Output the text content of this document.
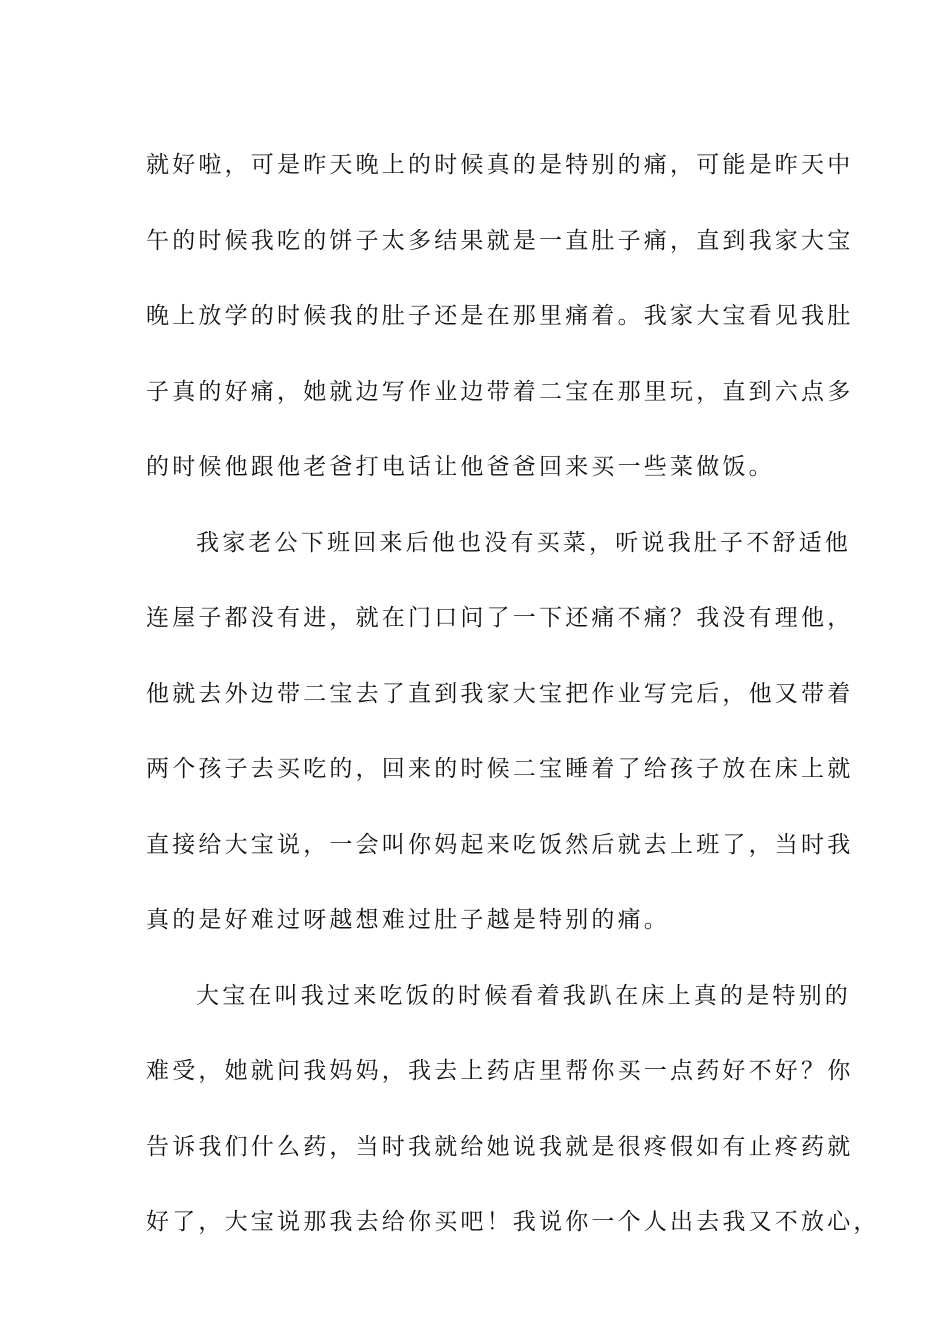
就好啦，可是昨天晚上的时候真的是特别的痛，可能是昨天中
午的时候我吃的饼子太多结果就是一直肚子痛，直到我家大宝
晚上放学的时候我的肚子还是在那里痛着。我家大宝看见我肚
子真的好痛，她就边写作业边带着二宝在那里玩，直到六点多
的时候他跟他老爸打电话让他爸爸回来买一些菜做饭。
我家老公下班回来后他也没有买菜，听说我肚子不舒适他
连屋子都没有进，就在门口问了一下还痛不痛？我没有理他，
他就去外边带二宝去了直到我家大宝把作业写完后，他又带着
两个孩子去买吃的，回来的时候二宝睡着了给孩子放在床上就
直接给大宝说，一会叫你妈起来吃饭然后就去上班了，当时我
真的是好难过呀越想难过肚子越是特别的痛。
大宝在叫我过来吃饭的时候看着我趴在床上真的是特别的
难受，她就问我妈妈，我去上药店里帮你买一点药好不好？你
告诉我们什么药，当时我就给她说我就是很疼假如有止疼药就
好了，大宝说那我去给你买吧！我说你一个人出去我又不放心，
